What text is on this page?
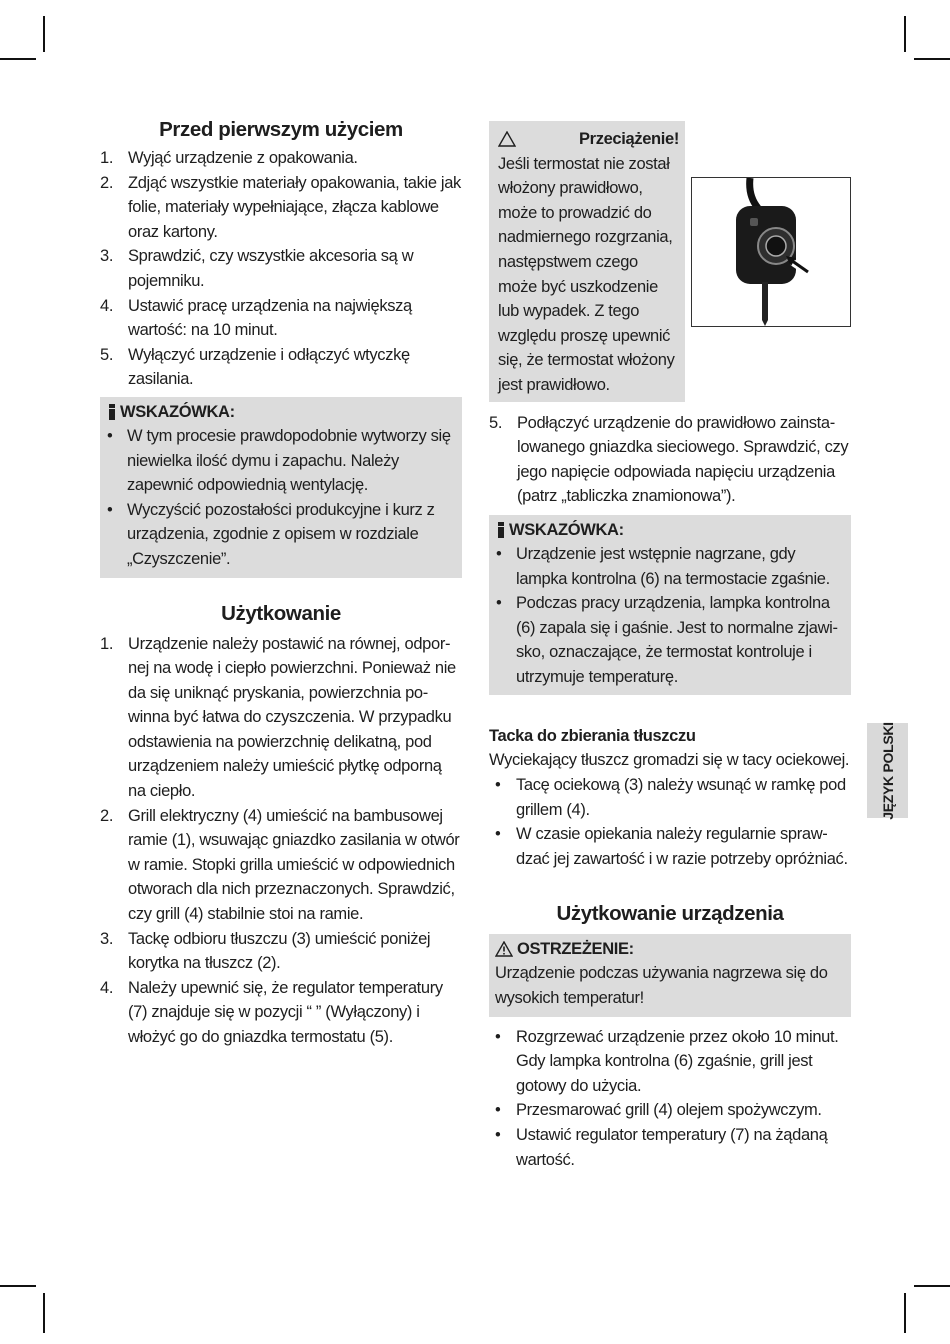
Przed pierwszym użyciem
1. Wyjąć urządzenie z opakowania.
2. Zdjąć wszystkie materiały opakowania, takie jak folie, materiały wypełniające, złącza kablowe oraz kartony.
3. Sprawdzić, czy wszystkie akcesoria są w pojemniku.
4. Ustawić pracę urządzenia na największą wartość: na 10 minut.
5. Wyłączyć urządzenie i odłączyć wtyczkę zasilania.
WSKAZÓWKA:
• W tym procesie prawdopodobnie wytworzy się niewielka ilość dymu i zapachu. Należy zapewnić odpowiednią wentylację.
• Wyczyścić pozostałości produkcyjne i kurz z urządzenia, zgodnie z opisem w rozdziale „Czyszczenie”.
Użytkowanie
1. Urządzenie należy postawić na równej, odpornej na wodę i ciepło powierzchni. Ponieważ nie da się uniknąć pryskania, powierzchnia powinna być łatwa do czyszczenia. W przypadku odstawienia na powierzchnię delikatną, pod urządzeniem należy umieścić płytkę odporną na ciepło.
2. Grill elektryczny (4) umieścić na bambusowej ramie (1), wsuwając gniazdko zasilania w otwór w ramie. Stopki grilla umieścić w odpowiednich otworach dla nich przeznaczonych. Sprawdzić, czy grill (4) stabilnie stoi na ramie.
3. Tackę odbioru tłuszczu (3) umieścić poniżej korytka na tłuszcz (2).
4. Należy upewnić się, że regulator temperatury (7) znajduje się w pozycji “ ” (Wyłączony) i włożyć go do gniazdka termostatu (5).
Przeciążenie!
Jeśli termostat nie został włożony prawidłowo, może to prowadzić do nadmiernego rozgrzania, następstwem czego może być uszkodzenie lub wypadek. Z tego względu proszę upewnić się, że termostat włożony jest prawidłowo.
5. Podłączyć urządzenie do prawidłowo zainstalowanego gniazdka sieciowego. Sprawdzić, czy jego napięcie odpowiada napięciu urządzenia (patrz „tabliczka znamionowa”).
WSKAZÓWKA:
• Urządzenie jest wstępnie nagrzane, gdy lampka kontrolna (6) na termostacie zgaśnie.
• Podczas pracy urządzenia, lampka kontrolna (6) zapala się i gaśnie. Jest to normalne zjawisko, oznaczające, że termostat kontroluje i utrzymuje temperaturę.
Tacka do zbierania tłuszczu
Wyciekający tłuszcz gromadzi się w tacy ociekowej.
• Tacę ociekową (3) należy wsunąć w ramkę pod grillem (4).
• W czasie opiekania należy regularnie sprawdzać jej zawartość i w razie potrzeby opróżniać.
Użytkowanie urządzenia
OSTRZEŻENIE:
Urządzenie podczas używania nagrzewa się do wysokich temperatur!
• Rozgrzewać urządzenie przez około 10 minut. Gdy lampka kontrolna (6) zgaśnie, grill jest gotowy do użycia.
• Przesmarować grill (4) olejem spożywczym.
• Ustawić regulator temperatury (7) na żądaną wartość.
JĘZYK POLSKI
